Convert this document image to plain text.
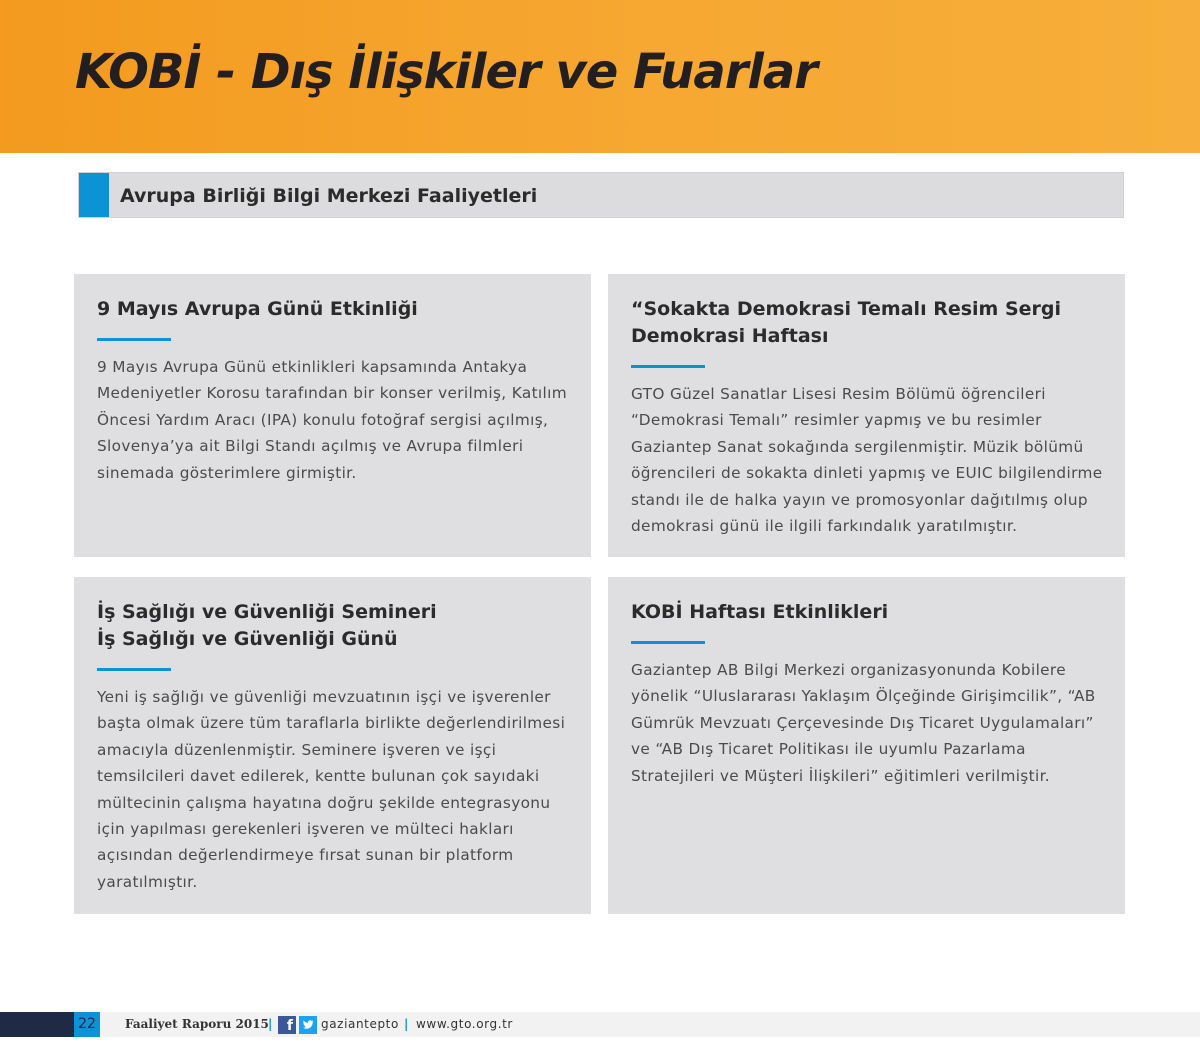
KOBİ - Dış İlişkiler ve Fuarlar
Avrupa Birliği Bilgi Merkezi Faaliyetleri
9 Mayıs Avrupa Günü Etkinliği

9 Mayıs Avrupa Günü etkinlikleri kapsamında Antakya Medeniyetler Korosu tarafından bir konser verilmiş, Katılım Öncesi Yardım Aracı (IPA) konulu fotoğraf sergisi açılmış, Slovenya’ya ait Bilgi Standı açılmış ve Avrupa filmleri sinemada gösterimlere girmiştir.

“Sokakta Demokrasi Temalı Resim Sergi
Demokrasi Haftası

GTO Güzel Sanatlar Lisesi Resim Bölümü öğrencileri “Demokrasi Temalı” resimler yapmış ve bu resimler Gaziantep Sanat sokağında sergilenmiştir. Müzik bölümü öğrencileri de sokakta dinleti yapmış ve EUIC bilgilendirme standı ile de halka yayın ve promosyonlar dağıtılmış olup demokrasi günü ile ilgili farkındalık yaratılmıştır.

İş Sağlığı ve Güvenliği Semineri
İş Sağlığı ve Güvenliği Günü

Yeni iş sağlığı ve güvenliği mevzuatının işçi ve işverenler başta olmak üzere tüm taraflarla birlikte değerlendirilmesi amacıyla düzenlenmiştir. Seminere işveren ve işçi temsilcileri davet edilerek, kentte bulunan çok sayıdaki mültecinin çalışma hayatına doğru şekilde entegrasyonu için yapılması gerekenleri işveren ve mülteci hakları açısından değerlendirmeye fırsat sunan bir platform yaratılmıştır.

KOBİ Haftası Etkinlikleri

Gaziantep AB Bilgi Merkezi organizasyonunda Kobilere yönelik “Uluslararası Yaklaşım Ölçeğinde Girişimcilik”, “AB Gümrük Mevzuatı Çerçevesinde Dış Ticaret Uygulamaları” ve “AB Dış Ticaret Politikası ile uyumlu Pazarlama Stratejileri ve Müşteri İlişkileri” eğitimleri verilmiştir.

22	Faaliyet Raporu 2015 |	f gaziantepto | www.gto.org.tr
